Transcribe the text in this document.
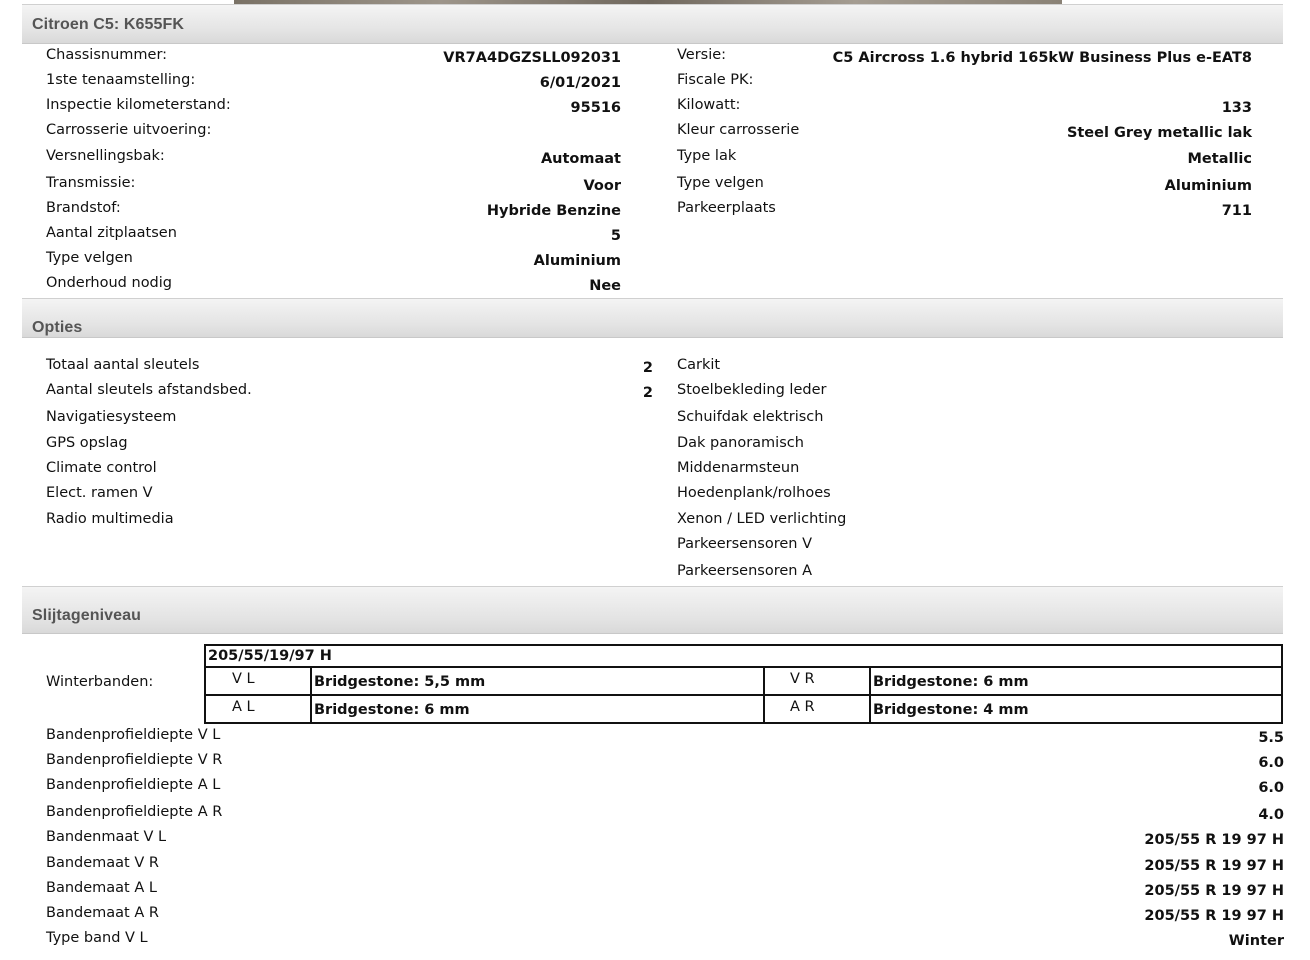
Citroen C5: K655FK
Chassisnummer:	VR7A4DGZSLL092031
1ste tenaamstelling:	6/01/2021
Inspectie kilometerstand:	95516
Carrosserie uitvoering:
Versnellingsbak:	Automaat
Transmissie:	Voor
Brandstof:	Hybride Benzine
Aantal zitplaatsen	5
Type velgen	Aluminium
Onderhoud nodig	Nee
Versie:	C5 Aircross 1.6 hybrid 165kW Business Plus e-EAT8
Fiscale PK:
Kilowatt:	133
Kleur carrosserie	Steel Grey metallic lak
Type lak	Metallic
Type velgen	Aluminium
Parkeerplaats	711
Opties
Totaal aantal sleutels	2
Aantal sleutels afstandsbed.	2
Navigatiesysteem
GPS opslag
Climate control
Elect. ramen V
Radio multimedia
Carkit
Stoelbekleding leder
Schuifdak elektrisch
Dak panoramisch
Middenarmsteun
Hoedenplank/rolhoes
Xenon / LED verlichting
Parkeersensoren V
Parkeersensoren A
Slijtageniveau
Winterbanden:
205/55/19/97 H
V L	Bridgestone: 5,5 mm	V R	Bridgestone: 6 mm
A L	Bridgestone: 6 mm	A R	Bridgestone: 4 mm
Bandenprofieldiepte V L	5.5
Bandenprofieldiepte V R	6.0
Bandenprofieldiepte A L	6.0
Bandenprofieldiepte A R	4.0
Bandenmaat V L	205/55 R 19 97 H
Bandemaat V R	205/55 R 19 97 H
Bandemaat A L	205/55 R 19 97 H
Bandemaat A R	205/55 R 19 97 H
Type band V L	Winter
